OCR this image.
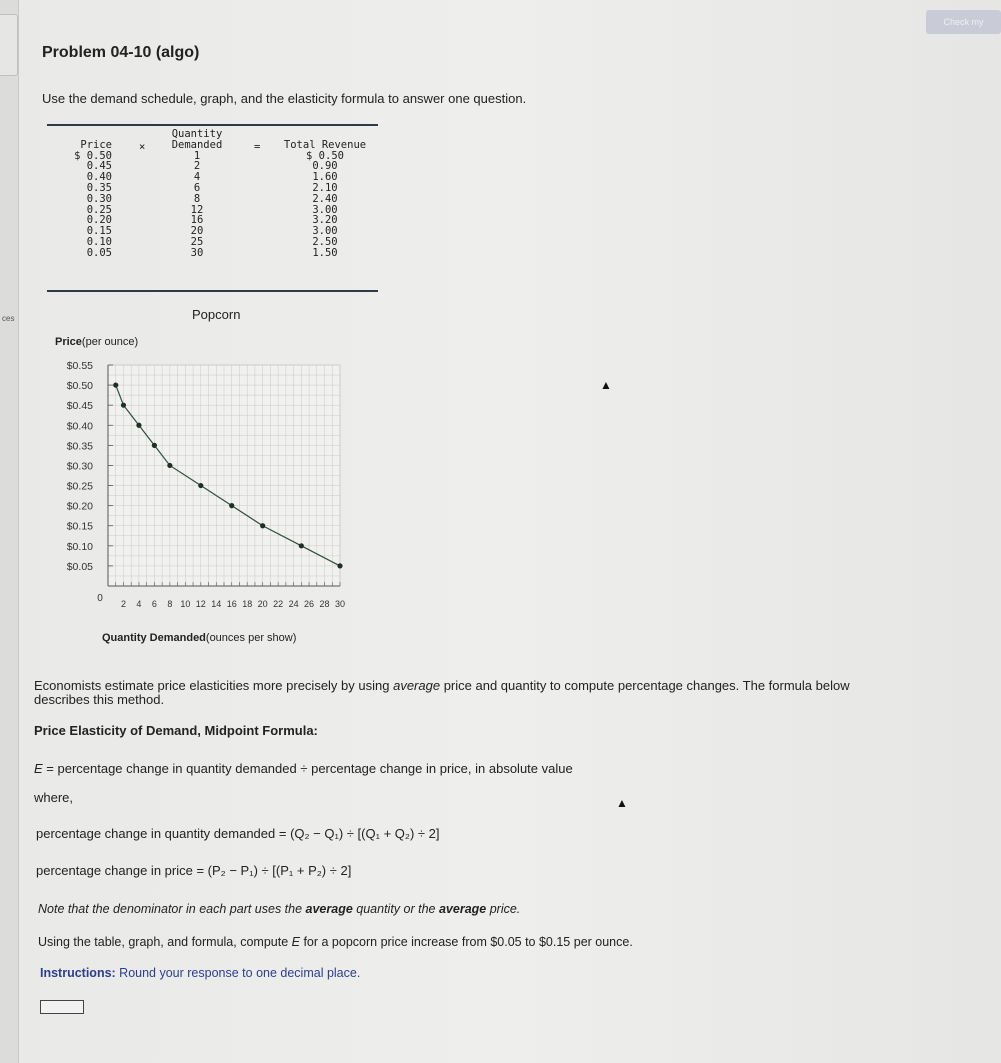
ces
Check my
Problem 04-10 (algo)
Use the demand schedule, graph, and the elasticity formula to answer one question.

Price
$ 0.50
0.45
0.40
0.35
0.30
0.25
0.20
0.15
0.10
0.05
×
Quantity
Demanded
1
2
4
6
8
12
16
20
25
30
=
	Total Revenue
$ 0.50
0.90
1.60
2.10
2.40
3.00
3.20
3.00
2.50
1.50
Popcorn
Price(per ounce)
$0.55
$0.50
$0.45
$0.40
$0.35
$0.30
$0.25
$0.20
$0.15
$0.10
$0.05
2 4 6 8 10 12 14 16 18 20 22 24 26 28 30
0
Quantity Demanded(ounces per show)
▲
Economists estimate price elasticities more precisely by using average price and quantity to compute percentage changes. The formula below describes this method.
Price Elasticity of Demand, Midpoint Formula:
E = percentage change in quantity demanded ÷ percentage change in price, in absolute value
where,	▲
percentage change in quantity demanded = (Q₂ − Q₁) ÷ [(Q₁ + Q₂) ÷ 2]
percentage change in price = (P₂ − P₁) ÷ [(P₁ + P₂) ÷ 2]
Note that the denominator in each part uses the average quantity or the average price.
Using the table, graph, and formula, compute E for a popcorn price increase from $0.05 to $0.15 per ounce.
Instructions: Round your response to one decimal place.
